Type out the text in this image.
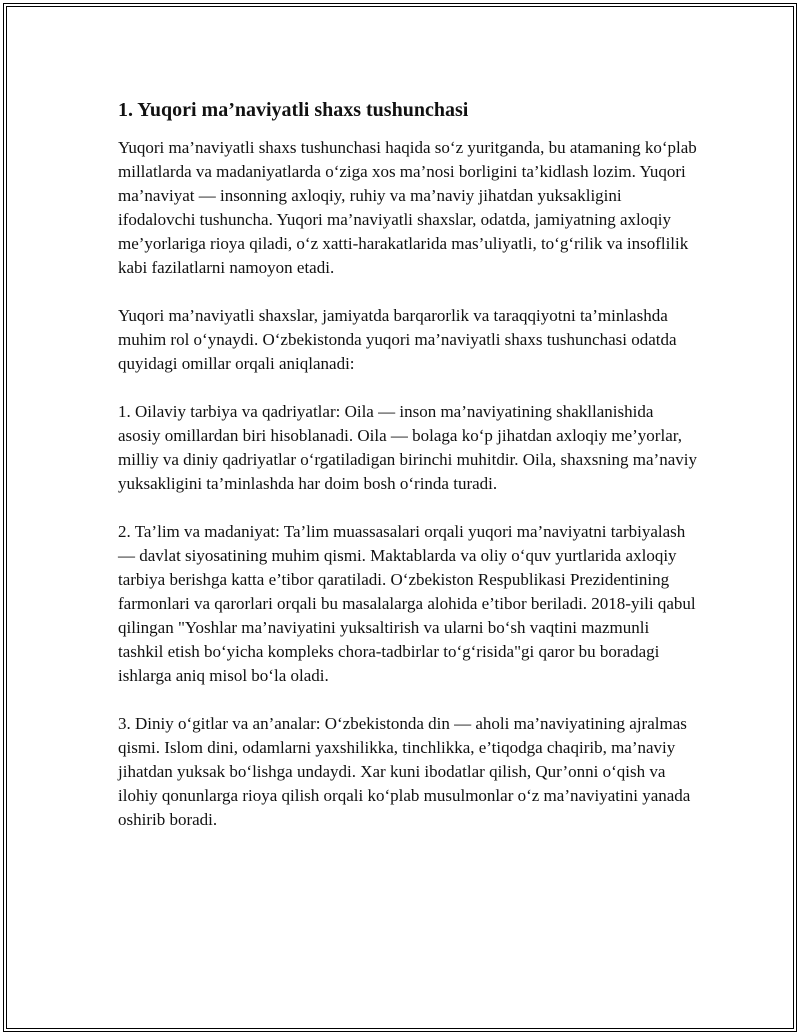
1. Yuqori ma’naviyatli shaxs tushunchasi

Yuqori ma’naviyatli shaxs tushunchasi haqida so‘z yuritganda, bu atamaning ko‘plab millatlarda va madaniyatlarda o‘ziga xos ma’nosi borligini ta’kidlash lozim. Yuqori ma’naviyat — insonning axloqiy, ruhiy va ma’naviy jihatdan yuksakligini ifodalovchi tushuncha. Yuqori ma’naviyatli shaxslar, odatda, jamiyatning axloqiy me’yorlariga rioya qiladi, o‘z xatti-harakatlarida mas’uliyatli, to‘g‘rilik va insoflilik kabi fazilatlarni namoyon etadi.

Yuqori ma’naviyatli shaxslar, jamiyatda barqarorlik va taraqqiyotni ta’minlashda muhim rol o‘ynaydi. O‘zbekistonda yuqori ma’naviyatli shaxs tushunchasi odatda quyidagi omillar orqali aniqlanadi:

1. Oilaviy tarbiya va qadriyatlar: Oila — inson ma’naviyatining shakllanishida asosiy omillardan biri hisoblanadi. Oila — bolaga ko‘p jihatdan axloqiy me’yorlar, milliy va diniy qadriyatlar o‘rgatiladigan birinchi muhitdir. Oila, shaxsning ma’naviy yuksakligini ta’minlashda har doim bosh o‘rinda turadi.

2. Ta’lim va madaniyat: Ta’lim muassasalari orqali yuqori ma’naviyatni tarbiyalash — davlat siyosatining muhim qismi. Maktablarda va oliy o‘quv yurtlarida axloqiy tarbiya berishga katta e’tibor qaratiladi. O‘zbekiston Respublikasi Prezidentining farmonlari va qarorlari orqali bu masalalarga alohida e’tibor beriladi. 2018-yili qabul qilingan "Yoshlar ma’naviyatini yuksaltirish va ularni bo‘sh vaqtini mazmunli tashkil etish bo‘yicha kompleks chora-tadbirlar to‘g‘risida"gi qaror bu boradagi ishlarga aniq misol bo‘la oladi.

3. Diniy o‘gitlar va an’analar: O‘zbekistonda din — aholi ma’naviyatining ajralmas qismi. Islom dini, odamlarni yaxshilikka, tinchlikka, e’tiqodga chaqirib, ma’naviy jihatdan yuksak bo‘lishga undaydi. Xar kuni ibodatlar qilish, Qur’onni o‘qish va ilohiy qonunlarga rioya qilish orqali ko‘plab musulmonlar o‘z ma’naviyatini yanada oshirib boradi.
